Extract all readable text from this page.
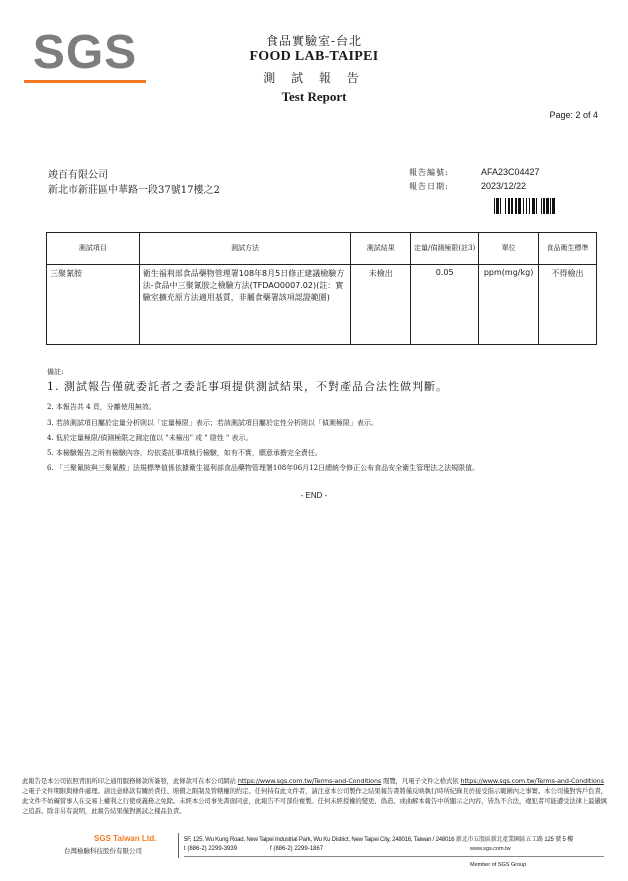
SGS	食品實驗室-台北
FOOD LAB-TAIPEI
測 試 報 告
Test Report
Page: 2 of 4
竣百有限公司
新北市新莊區中華路一段37號17樓之2
報告編號:	AFA23C04427
報告日期:	2023/12/22
測試項目	測試方法	測試結果	定量/偵測極限(註3)	單位	食品衛生標準
三聚氰胺	衛生福利部食品藥物管理署108年8月5日修正建議檢驗方法-食品中三聚氰胺之檢驗方法(TFDAO0007.02)(註：實驗室擴充原方法適用基質，非屬食藥署該項認證範圍)	未檢出	0.05	ppm(mg/kg)	不得檢出
備註:
1. 測試報告僅就委託者之委託事項提供測試結果，不對產品合法性做判斷。
2. 本報告共 4 頁，分離使用無效。
3. 若該測試項目屬於定量分析則以「定量極限」表示；若該測試項目屬於定性分析則以「偵測極限」表示。
4. 低於定量極限/偵測極限之測定值以 "未檢出" 或 " 陰性 " 表示。
5. 本檢驗報告之所有檢驗內容，均依委託事項執行檢驗，如有不實，願意承擔完全責任。
6. 「三聚氰胺與三聚氰酸」法規標準值係依據衛生福利部食品藥物管理署108年06月12日總統令修正公布食品安全衛生管理法之法規限值。
- END -
此報告是本公司依照背面所印之通用服務條款所簽發，此條款可在本公司網站 https://www.sgs.com.tw/Terms-and-Conditions 閱覽，凡電子文件之格式依 https://www.sgs.com.tw/Terms-and-Conditions 之電子文件期限與條件處理。請注意條款有關於責任、賠償之限制及管轄權的約定。任何持有此文件者，請注意本公司製作之結果報告書將僅反映執行時所紀錄且於接受指示範圍內之事實。本公司僅對客戶負責，此文件不妨礙當事人在交易上權利之行使或義務之免除。未經本公司事先書面同意，此報告不可部份複製。任何未經授權的變更、偽造、或曲解本報告中所顯示之內容，皆為不合法，違犯者可能遭受法律上最嚴厲之追訴。除非另有說明，此報告結果僅對測試之樣品負責。
SGS Taiwan Ltd.
台灣檢驗科技股份有限公司
5F, 125, Wu Kung Road, New Taipei Industrial Park, Wu Ku District, New Taipei City, 248016, Taiwan / 248016 新北市五股區新北產業園區五工路 125 號 5 樓
t (886-2) 2299-3939	f (886-2) 2299-1867	www.sgs.com.tw
Member of SGS Group
